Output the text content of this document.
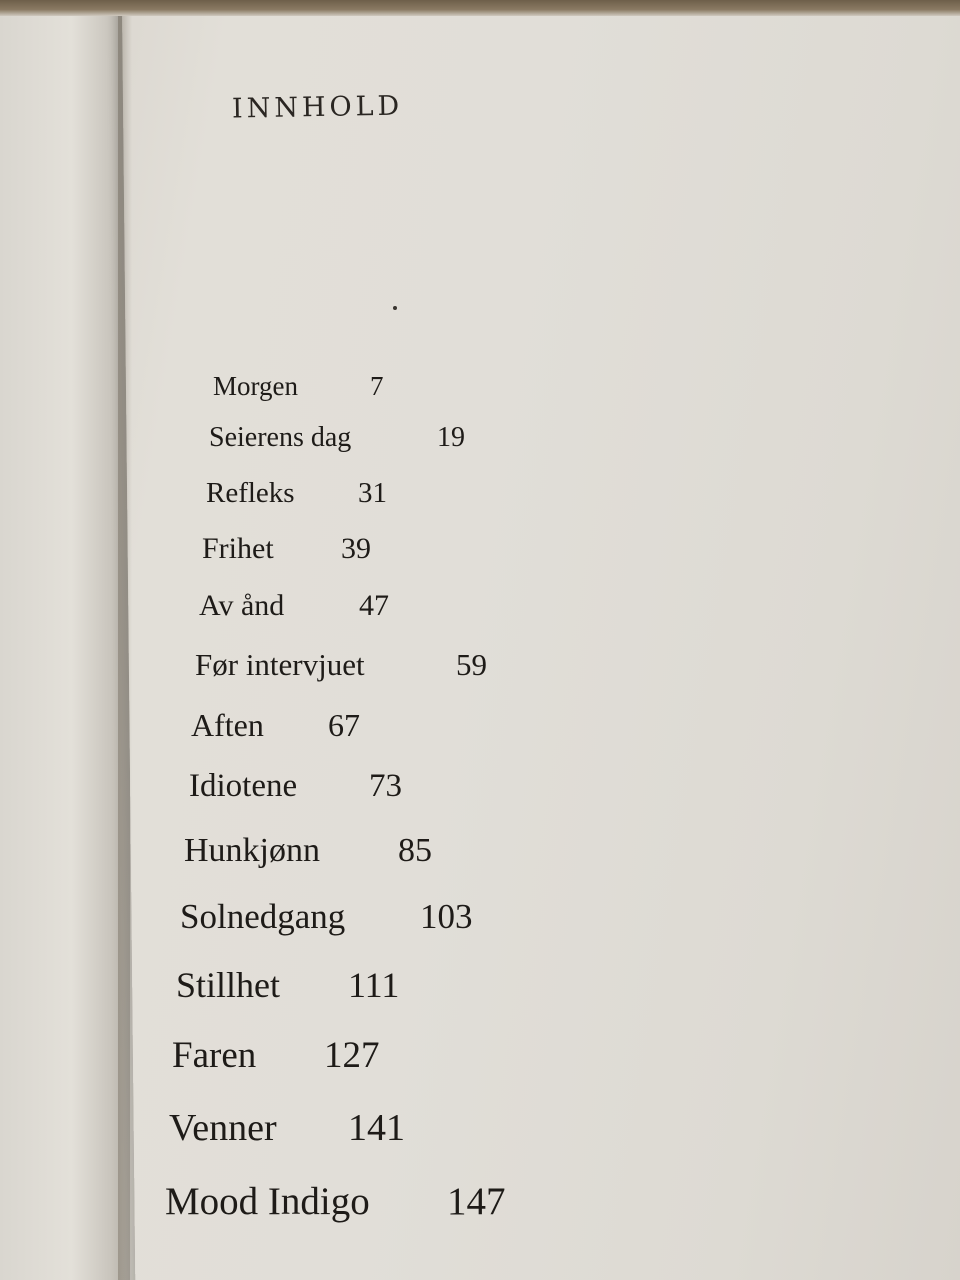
INNHOLD
Morgen	7
Seierens dag	19
Refleks 31
Frihet 39
Av ånd 47
Før intervjuet	59
Aften 67
Idiotene 73
Hunkjønn 85
Solnedgang 103
Stillhet 111
Faren 127
Venner 141
Mood Indigo 147
